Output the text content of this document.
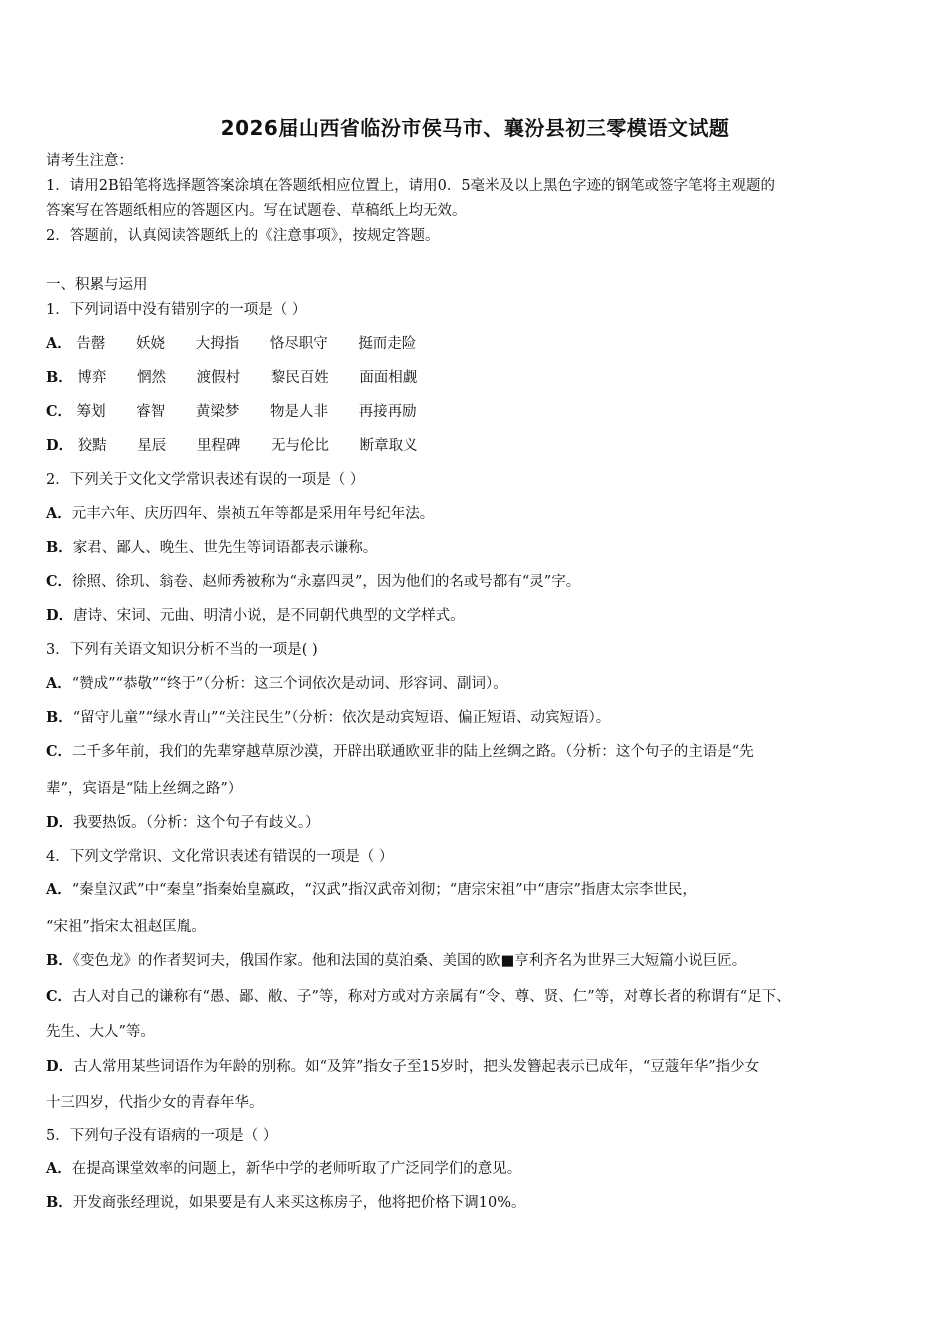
2026届山西省临汾市侯马市、襄汾县初三零模语文试题
请考生注意：
1．请用2B铅笔将选择题答案涂填在答题纸相应位置上，请用0．5毫米及以上黑色字迹的钢笔或签字笔将主观题的
答案写在答题纸相应的答题区内。写在试题卷、草稿纸上均无效。
2．答题前，认真阅读答题纸上的《注意事项》，按规定答题。
一、积累与运用
1．下列词语中没有错别字的一项是（ ）
A． 告罄 妖娆 大拇指 恪尽职守 挺而走险
B． 博弈 惘然 渡假村 黎民百姓 面面相觑
C． 筹划 睿智 黄梁梦 物是人非 再接再励
D． 狡黠 星辰 里程碑 无与伦比 断章取义
2．下列关于文化文学常识表述有误的一项是（ ）
A．元丰六年、庆历四年、崇祯五年等都是采用年号纪年法。
B．家君、鄙人、晚生、世先生等词语都表示谦称。
C．徐照、徐玑、翁卷、赵师秀被称为“永嘉四灵”，因为他们的名或号都有“灵”字。
D．唐诗、宋词、元曲、明清小说，是不同朝代典型的文学样式。
3．下列有关语文知识分析不当的一项是( )
A．“赞成”“恭敬”“终于”（分析：这三个词依次是动词、形容词、副词）。
B．“留守儿童”“绿水青山”“关注民生”（分析：依次是动宾短语、偏正短语、动宾短语）。
C．二千多年前，我们的先辈穿越草原沙漠，开辟出联通欧亚非的陆上丝绸之路。（分析：这个句子的主语是“先
辈”，宾语是“陆上丝绸之路”）
D．我要热饭。（分析：这个句子有歧义。）
4．下列文学常识、文化常识表述有错误的一项是（ ）
A．“秦皇汉武”中“秦皇”指秦始皇嬴政，“汉武”指汉武帝刘彻；“唐宗宋祖”中“唐宗”指唐太宗李世民，
“宋祖”指宋太祖赵匡胤。
B．《变色龙》的作者契诃夫，俄国作家。他和法国的莫泊桑、美国的欧■亨利齐名为世界三大短篇小说巨匠。
C．古人对自己的谦称有“愚、鄙、敝、子”等，称对方或对方亲属有“令、尊、贤、仁”等，对尊长者的称谓有“足下、
先生、大人”等。
D．古人常用某些词语作为年龄的别称。如“及笄”指女子至15岁时，把头发簪起表示已成年，“豆蔻年华”指少女
十三四岁，代指少女的青春年华。
5．下列句子没有语病的一项是（ ）
A．在提高课堂效率的问题上，新华中学的老师听取了广泛同学们的意见。
B．开发商张经理说，如果要是有人来买这栋房子，他将把价格下调10%。
